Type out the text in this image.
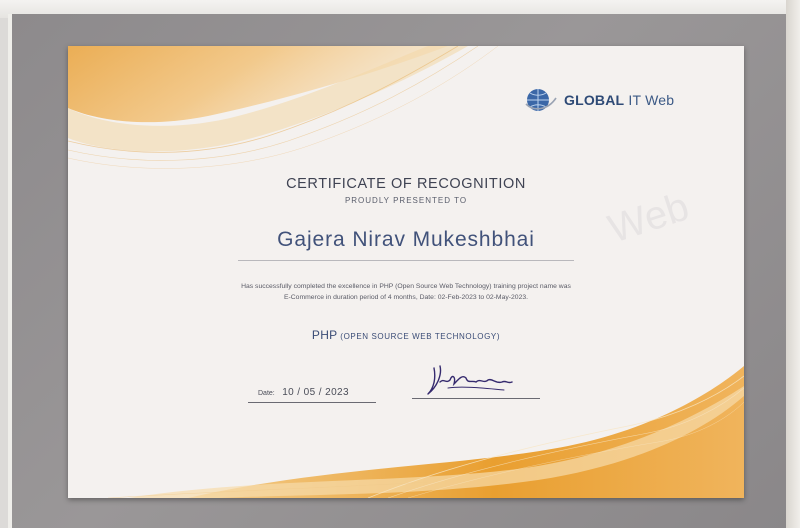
GLOBAL IT Web
Web
CERTIFICATE OF RECOGNITION
PROUDLY PRESENTED TO
Gajera Nirav Mukeshbhai
Has successfully completed the excellence in PHP (Open Source Web Technology) training project name was
E-Commerce in duration period of 4 months, Date: 02-Feb-2023 to 02-May-2023.
PHP (OPEN SOURCE WEB TECHNOLOGY)
Date: 10 / 05 / 2023
